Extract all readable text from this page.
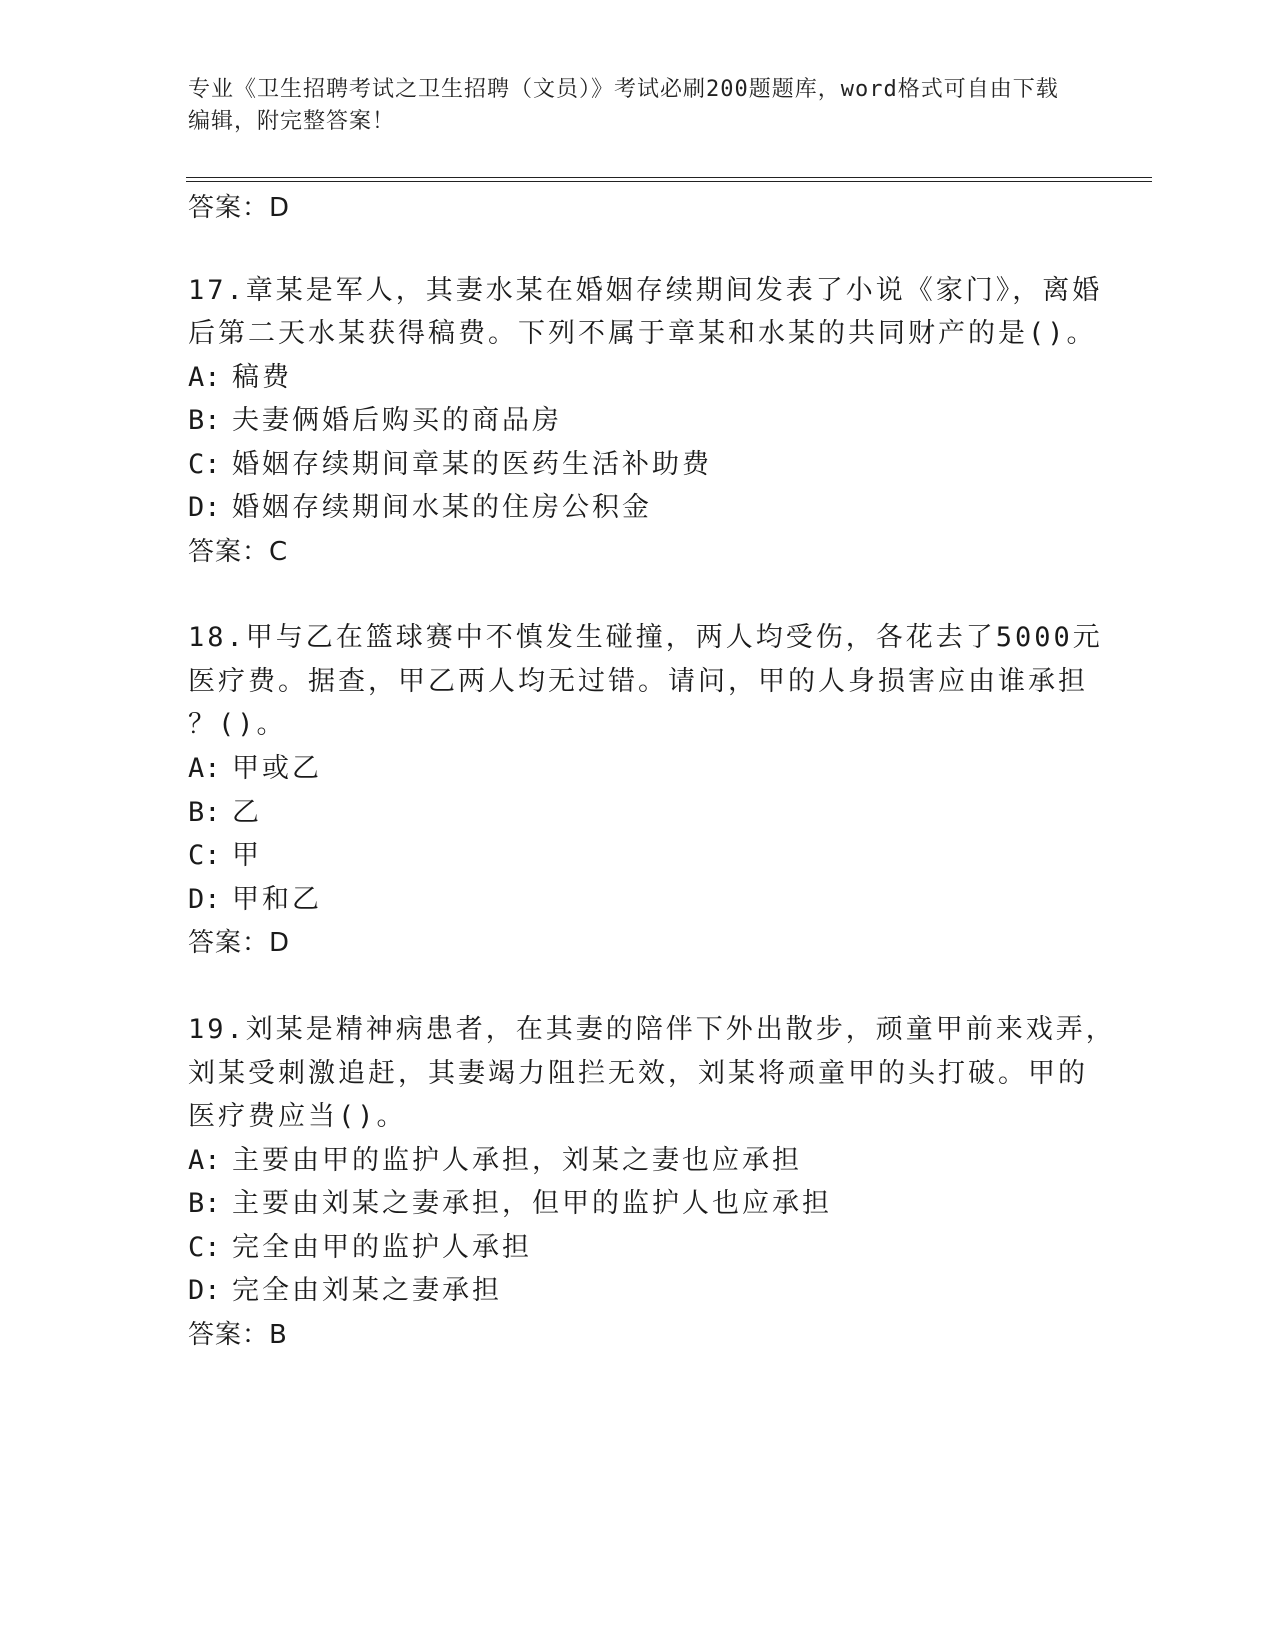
专业《卫生招聘考试之卫生招聘（文员）》考试必刷200题题库，word格式可自由下载编辑，附完整答案！
答案：D
17.章某是军人，其妻水某在婚姻存续期间发表了小说《家门》，离婚
后第二天水某获得稿费。下列不属于章某和水某的共同财产的是()。
A: 稿费
B: 夫妻俩婚后购买的商品房
C: 婚姻存续期间章某的医药生活补助费
D: 婚姻存续期间水某的住房公积金
答案：C
18.甲与乙在篮球赛中不慎发生碰撞，两人均受伤，各花去了5000元
医疗费。据查，甲乙两人均无过错。请问，甲的人身损害应由谁承担
？()。
A: 甲或乙
B: 乙
C: 甲
D: 甲和乙
答案：D
19.刘某是精神病患者，在其妻的陪伴下外出散步，顽童甲前来戏弄，
刘某受刺激追赶，其妻竭力阻拦无效，刘某将顽童甲的头打破。甲的
医疗费应当()。
A: 主要由甲的监护人承担，刘某之妻也应承担
B: 主要由刘某之妻承担，但甲的监护人也应承担
C: 完全由甲的监护人承担
D: 完全由刘某之妻承担
答案：B
